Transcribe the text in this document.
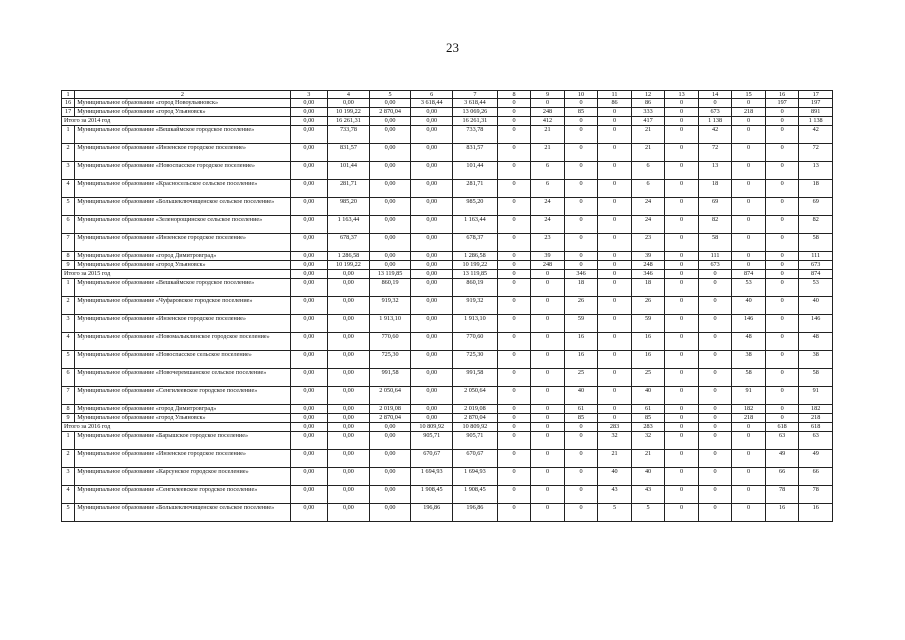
23
1	2	3	4	5	6	7	8	9	10	11	12	13	14	15	16	17
16	Муниципальное образование «город Новоульяновск»	0,00	0,00	0,00	3 618,44	3 618,44	0	0	0	86	86	0	0	0	197	197
17	Муниципальное образование «город Ульяновск»	0,00	10 199,22	2 870,04	0,00	13 069,26	0	248	85	0	333	0	673	218	0	891
Итого за 2014 год		0,00	16 261,31	0,00	0,00	16 261,31	0	412	0	0	417	0	1 138	0	0	1 138
1	Муниципальное образование «Вешкаймское городское поселение»	0,00	733,78	0,00	0,00	733,78	0	21	0	0	21	0	42	0	0	42
2	Муниципальное образование «Инзенское городское поселение»	0,00	831,57	0,00	0,00	831,57	0	21	0	0	21	0	72	0	0	72
3	Муниципальное образование «Новоспасское городское поселение»	0,00	101,44	0,00	0,00	101,44	0	6	0	0	6	0	13	0	0	13
4	Муниципальное образование «Красносельское сельское поселение»	0,00	281,71	0,00	0,00	281,71	0	6	0	0	6	0	18	0	0	18
5	Муниципальное образование «Большеключищенское сельское поселение»	0,00	985,20	0,00	0,00	985,20	0	24	0	0	24	0	69	0	0	69
6	Муниципальное образование «Зеленорощинское сельское поселение»	0,00	1 163,44	0,00	0,00	1 163,44	0	24	0	0	24	0	82	0	0	82
7	Муниципальное образование «Инзенское городское поселение»	0,00	678,37	0,00	0,00	678,37	0	23	0	0	23	0	58	0	0	58
8	Муниципальное образование «город Димитровград»	0,00	1 286,58	0,00	0,00	1 286,58	0	39	0	0	39	0	111	0	0	111
9	Муниципальное образование «город Ульяновск»	0,00	10 199,22	0,00	0,00	10 199,22	0	248	0	0	248	0	673	0	0	673
Итого за 2015 год		0,00	0,00	13 119,85	0,00	13 119,85	0	0	346	0	346	0	0	874	0	874
1	Муниципальное образование «Вешкаймское городское поселение»	0,00	0,00	860,19	0,00	860,19	0	0	18	0	18	0	0	53	0	53
2	Муниципальное образование «Чуфаровское городское поселение»	0,00	0,00	919,32	0,00	919,32	0	0	26	0	26	0	0	40	0	40
3	Муниципальное образование «Инзенское городское поселение»	0,00	0,00	1 913,10	0,00	1 913,10	0	0	59	0	59	0	0	146	0	146
4	Муниципальное образование «Новомалыклинское городское поселение»	0,00	0,00	770,60	0,00	770,60	0	0	16	0	16	0	0	48	0	48
5	Муниципальное образование «Новоспасское сельское поселение»	0,00	0,00	725,30	0,00	725,30	0	0	16	0	16	0	0	38	0	38
6	Муниципальное образование «Новочеремшанское сельское поселение»	0,00	0,00	991,58	0,00	991,58	0	0	25	0	25	0	0	58	0	58
7	Муниципальное образование «Сенгилеевское городское поселение»	0,00	0,00	2 050,64	0,00	2 050,64	0	0	40	0	40	0	0	91	0	91
8	Муниципальное образование «город Димитровград»	0,00	0,00	2 019,08	0,00	2 019,08	0	0	61	0	61	0	0	182	0	182
9	Муниципальное образование «город Ульяновск»	0,00	0,00	2 870,04	0,00	2 870,04	0	0	85	0	85	0	0	218	0	218
Итого за 2016 год		0,00	0,00	0,00	10 809,92	10 809,92	0	0	0	283	283	0	0	0	618	618
1	Муниципальное образование «Барышское городское поселение»	0,00	0,00	0,00	905,71	905,71	0	0	0	32	32	0	0	0	63	63
2	Муниципальное образование «Инзенское городское поселение»	0,00	0,00	0,00	670,67	670,67	0	0	0	21	21	0	0	0	49	49
3	Муниципальное образование «Карсунское городское поселение»	0,00	0,00	0,00	1 694,93	1 694,93	0	0	0	40	40	0	0	0	66	66
4	Муниципальное образование «Сенгилеевское городское поселение»	0,00	0,00	0,00	1 908,45	1 908,45	0	0	0	43	43	0	0	0	78	78
5	Муниципальное образование «Большеключищенское сельское поселение»	0,00	0,00	0,00	196,86	196,86	0	0	0	5	5	0	0	0	16	16
